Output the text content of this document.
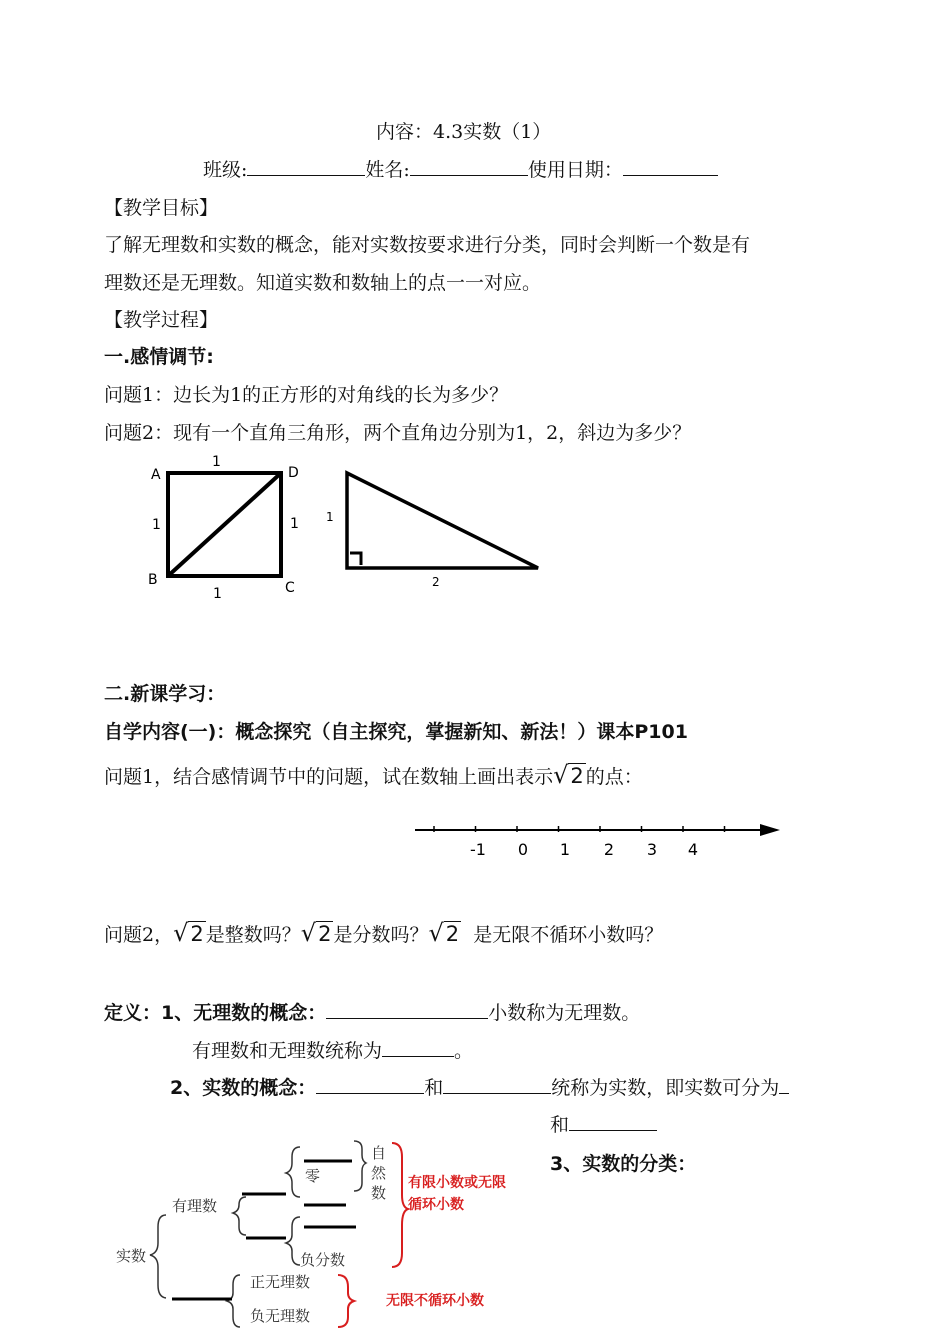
内容：4.3实数（1）
班级:	姓名:	使用日期：
【教学目标】
了解无理数和实数的概念，能对实数按要求进行分类，同时会判断一个数是有
理数还是无理数。知道实数和数轴上的点一一对应。
【教学过程】
一.感情调节:
问题1：边长为1的正方形的对角线的长为多少？
问题2：现有一个直角三角形，两个直角边分别为1，2，斜边为多少？
A	D
B	C
1
1	1
1
1
2
二.新课学习：
自学内容(一)：概念探究（自主探究，掌握新知、新法！）课本P101
问题1，结合感情调节中的问题，试在数轴上画出表示√2 的点：
-1 0 1 2 3 4
问题2，√2 是整数吗？√2 是分数吗？√2 是无限不循环小数吗？
定义：1、无理数的概念：	小数称为无理数。
有理数和无理数统称为	。
2、实数的概念：	和	统称为实数，即实数可分为
和
3、实数的分类：
实数
有理数
零
自
然
数
负分数
正无理数
负无理数
有限小数或无限
循环小数
无限不循环小数
